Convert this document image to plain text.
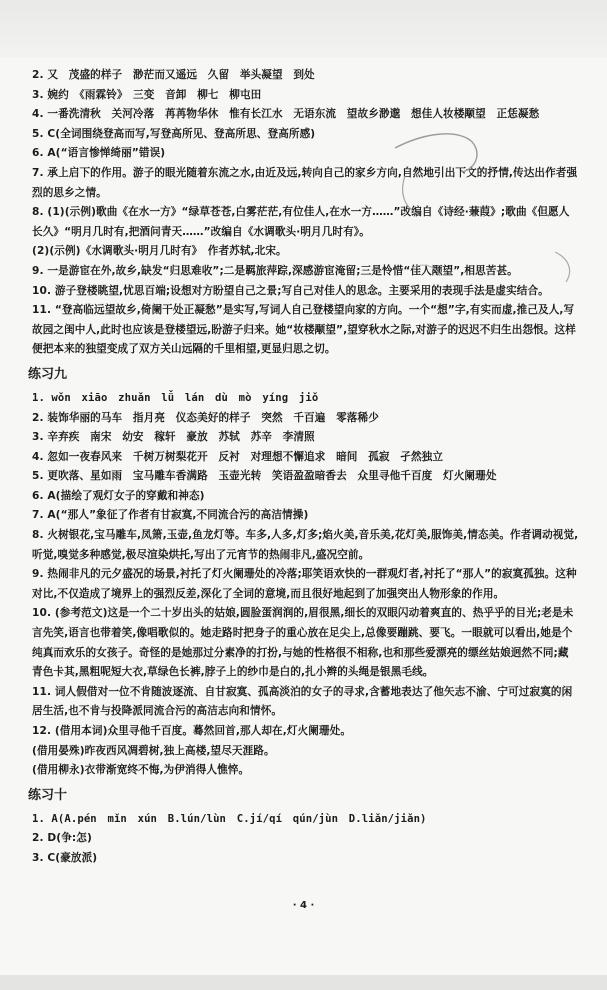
2. 又　茂盛的样子　渺茫而又遥远　久留　举头凝望　到处

3. 婉约　《雨霖铃》　三变　音卸　柳七　柳屯田

4. 一番洗清秋　关河冷落　苒苒物华休　惟有长江水　无语东流　望故乡渺邈　想佳人妆楼颙望　正恁凝愁

5. C(全词围绕登高而写,写登高所见、登高所思、登高所感)

6. A(“语言惨惮绮丽”错误)

7. 承上启下的作用。游子的眼光随着东流之水,由近及远,转向自己的家乡方向,自然地引出下文的抒情,传达出作者强烈的思乡之情。

8. (1)(示例)歌曲《在水一方》“绿草苍苍,白雾茫茫,有位佳人,在水一方……”改编自《诗经·蒹葭》;歌曲《但愿人长久》“明月几时有,把酒问青天……”改编自《水调歌头·明月几时有》。

(2)(示例)《水调歌头·明月几时有》　作者苏轼,北宋。

9. 一是游宦在外,故乡,缺发“归思难收”;二是羁旅萍踪,深感游宦淹留;三是怜惜“佳人颙望”,相思苦甚。

10. 游子登楼眺望,忧思百端;设想对方盼望自己之景;写自己对佳人的思念。主要采用的表现手法是虚实结合。

11. “登高临远望故乡,倚阑干处正凝愁”是实写,写词人自己登楼望向家的方向。一个“想”字,有实而虚,推己及人,写故园之闺中人,此时也应该是登楼望远,盼游子归来。她“妆楼颙望”,望穿秋水之际,对游子的迟迟不归生出怨恨。这样便把本来的独望变成了双方关山远隔的千里相望,更显归思之切。

练习九

1. wǒn　xiāo　zhuǎn　lǚ　lán　dù　mò　yíng　jiǒ

2. 装饰华丽的马车　指月亮　仪态美好的样子　突然　千百遍　零落稀少

3. 辛弃疾　南宋　幼安　稼轩　豪放　苏轼　苏辛　李清照

4. 忽如一夜春风来　千树万树梨花开　反衬　对理想不懈追求　暗间　孤寂　孑然独立

5. 更吹落、星如雨　宝马雕车香满路　玉壶光转　笑语盈盈暗香去　众里寻他千百度　灯火阑珊处

6. A(描绘了观灯女子的穿戴和神态)

7. A(“那人”象征了作者有甘寂寞,不同流合污的高洁情操)

8. 火树银花,宝马雕车,凤箫,玉壶,鱼龙灯等。车多,人多,灯多;焰火美,音乐美,花灯美,服饰美,情态美。作者调动视觉,听觉,嗅觉多种感觉,极尽渲染烘托,写出了元宵节的热闹非凡,盛况空前。

9. 热闹非凡的元夕盛况的场景,衬托了灯火阑珊处的冷落;耶笑语欢快的一群观灯者,衬托了“那人”的寂寞孤独。这种对比,不仅造成了境界上的强烈反差,深化了全词的意境,而且很好地起到了加强突出人物形象的作用。

10. (参考范文)这是一个二十岁出头的姑娘,圆脸蛋润润的,眉很黑,细长的双眼闪动着爽直的、热乎乎的目光;老是未言先笑,语言也带着笑,像唱歌似的。她走路时把身子的重心放在足尖上,总像要蹦跳、要飞。一眼就可以看出,她是个纯真而欢乐的女孩子。奇怪的是她那过分素净的打扮,与她的性格很不相称,也和那些爱漂亮的缥丝姑娘迥然不同;藏青色卡其,黑粗呢短大衣,草绿色长裤,脖子上的纱巾是白的,扎小辫的头绳是银黑毛线。

11. 词人假借对一位不肯随波逐流、自甘寂寞、孤高淡泊的女子的寻求,含蓄地表达了他矢志不渝、宁可过寂寞的闲居生活,也不肯与投降派同流合污的高洁志向和情怀。

12. (借用本词)众里寻他千百度。蓦然回首,那人却在,灯火阑珊处。

(借用晏殊)昨夜西风凋碧树,独上高楼,望尽天涯路。

(借用柳永)衣带渐宽终不悔,为伊消得人憔悴。

练习十

1. A(A.pén　mǐn　xún　B.lún/lùn　C.jí/qí　qún/jùn　D.liǎn/jiǎn)

2. D(争:怎)

3. C(豪放派)

· 4 ·
